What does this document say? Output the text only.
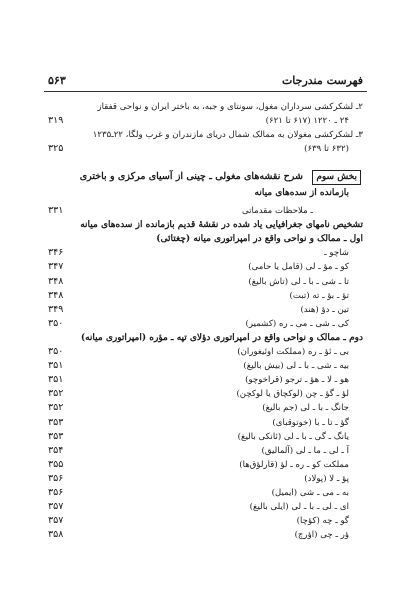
فهرست مندرجات
۵۶۳
۲ـ لشکرکشی سرداران مغول، سونتای و جبه، به باختر ایران و نواحی قفقاز
۲۴ ـ ۱۲۲۰ (۶۱۷ تا ۶۲۱)
۳۱۹
۳ـ لشکرکشی مغولان به ممالک شمال دریای مازندران و غرب ولگا، ۲۲ـ۱۲۳۵
(۶۳۲ تا ۶۳۹)
۳۲۵
بخش سوم
شرح نقشه‌های مغولی ـ چینی از آسیای مرکزی و باختری
بازمانده از سده‌های میانه
ـ ملاحظات مقدماتی
۳۳۱
تشخیص نامهای جغرافیایی یاد شده در نقشهٔ قدیم بازمانده از سده‌های میانه
اول ـ ممالک و نواحی واقع در امپراتوری میانه (چغتائی)
شاچو ـ
۳۴۶
کو ـ مؤ ـ لی (قامل یا حامی)
۳۴۷
تا ـ شی ـ با ـ لی (تاش بالیغ)
۳۴۸
تؤ ـ بؤ ـ ته (تبت)
۳۴۸
تین ـ دؤ (هند)
۳۴۹
کی ـ شی ـ می ـ ره (کشمیر)
۳۵۰
دوم ـ ممالک و نواحی واقع در امپراتوری دؤلای تپه ـ مؤره (امپراتوری میانه)
بی ـ ئؤ ـ ره (مملکت اوئیغوران)
۳۵۰
بیه ـ شی ـ با ـ لی (بیش بالیغ)
۳۵۱
هو ـ لا ـ هؤ ـ ترجو (قراخوچو)
۳۵۱
لؤ ـ گؤ ـ چن (لوکچاق یا لوکچن)
۳۵۲
جانگ ـ با ـ لی (جم بالیغ)
۳۵۲
گؤ ـ تا ـ با (خوتوقبای)
۳۵۳
یانگ ـ گی ـ با ـ لی (ئانکی بالیغ)
۳۵۳
آ ـ لی ـ ما ـ لی (آلمالیق)
۳۵۴
مملکت کو ـ ره ـ لؤ (قارلؤق‌ها)
۳۵۵
پؤ ـ لا (پولاد)
۳۵۶
به ـ می ـ شی (ایمیل)
۳۵۶
ای ـ لی ـ با ـ لی (ایلی بالیغ)
۳۵۷
گو ـ چه (کؤچا)
۳۵۷
ؤر ـ چی (اؤرچ)
۳۵۸
